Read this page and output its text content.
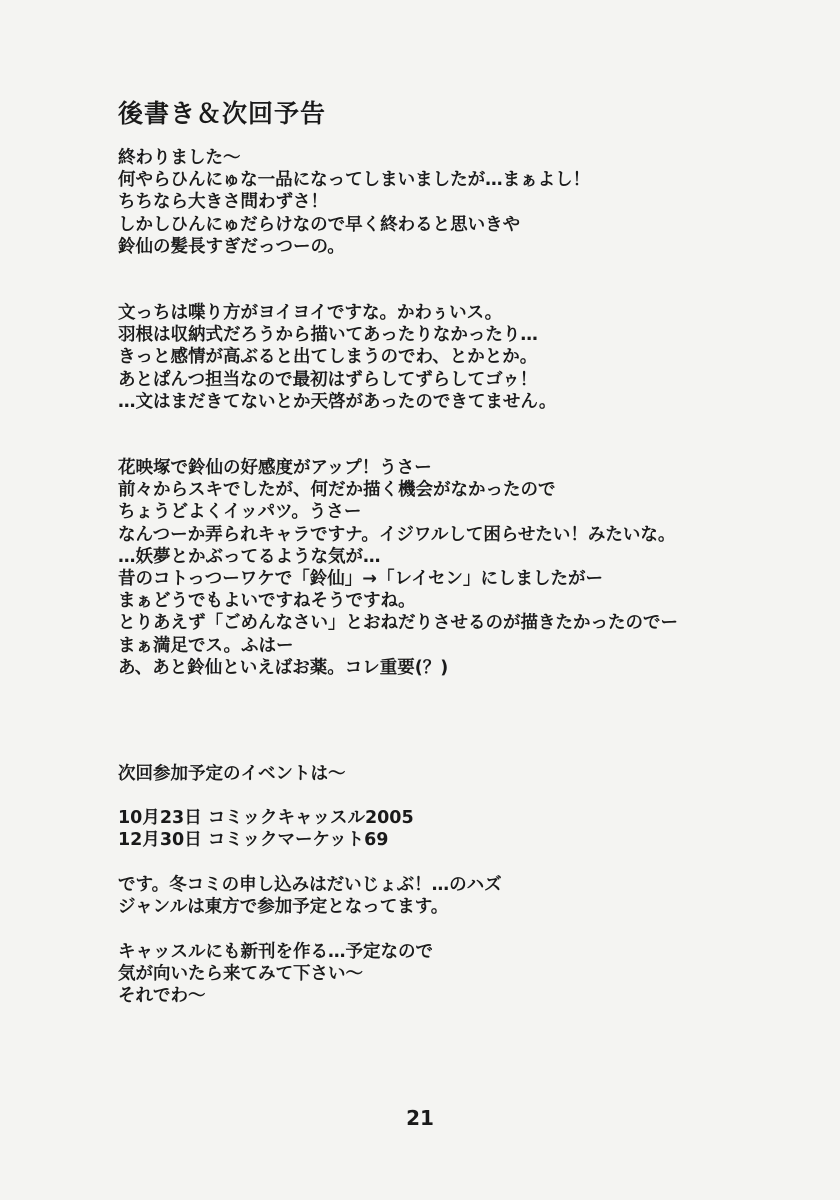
後書き＆次回予告
終わりました～
何やらひんにゅな一品になってしまいましたが…まぁよし！
ちちなら大きさ問わずさ！
しかしひんにゅだらけなので早く終わると思いきや
鈴仙の髪長すぎだっつーの。
文っちは喋り方がヨイヨイですな。かわぅいス。
羽根は収納式だろうから描いてあったりなかったり…
きっと感情が高ぶると出てしまうのでわ、とかとか。
あとぱんつ担当なので最初はずらしてずらしてゴゥ！
…文はまだきてないとか天啓があったのできてません。
花映塚で鈴仙の好感度がアップ！うさー
前々からスキでしたが、何だか描く機会がなかったので
ちょうどよくイッパツ。うさー
なんつーか弄られキャラですナ。イジワルして困らせたい！みたいな。
…妖夢とかぶってるような気が…
昔のコトっつーワケで「鈴仙」→「レイセン」にしましたがー
まぁどうでもよいですねそうですね。
とりあえず「ごめんなさい」とおねだりさせるのが描きたかったのでー
まぁ満足でス。ふはー
あ、あと鈴仙といえばお薬。コレ重要(？)
次回参加予定のイベントは～
10月23日 コミックキャッスル2005
12月30日 コミックマーケット69
です。冬コミの申し込みはだいじょぶ！…のハズ
ジャンルは東方で参加予定となってます。
キャッスルにも新刊を作る…予定なので
気が向いたら来てみて下さい～
それでわ～
21
